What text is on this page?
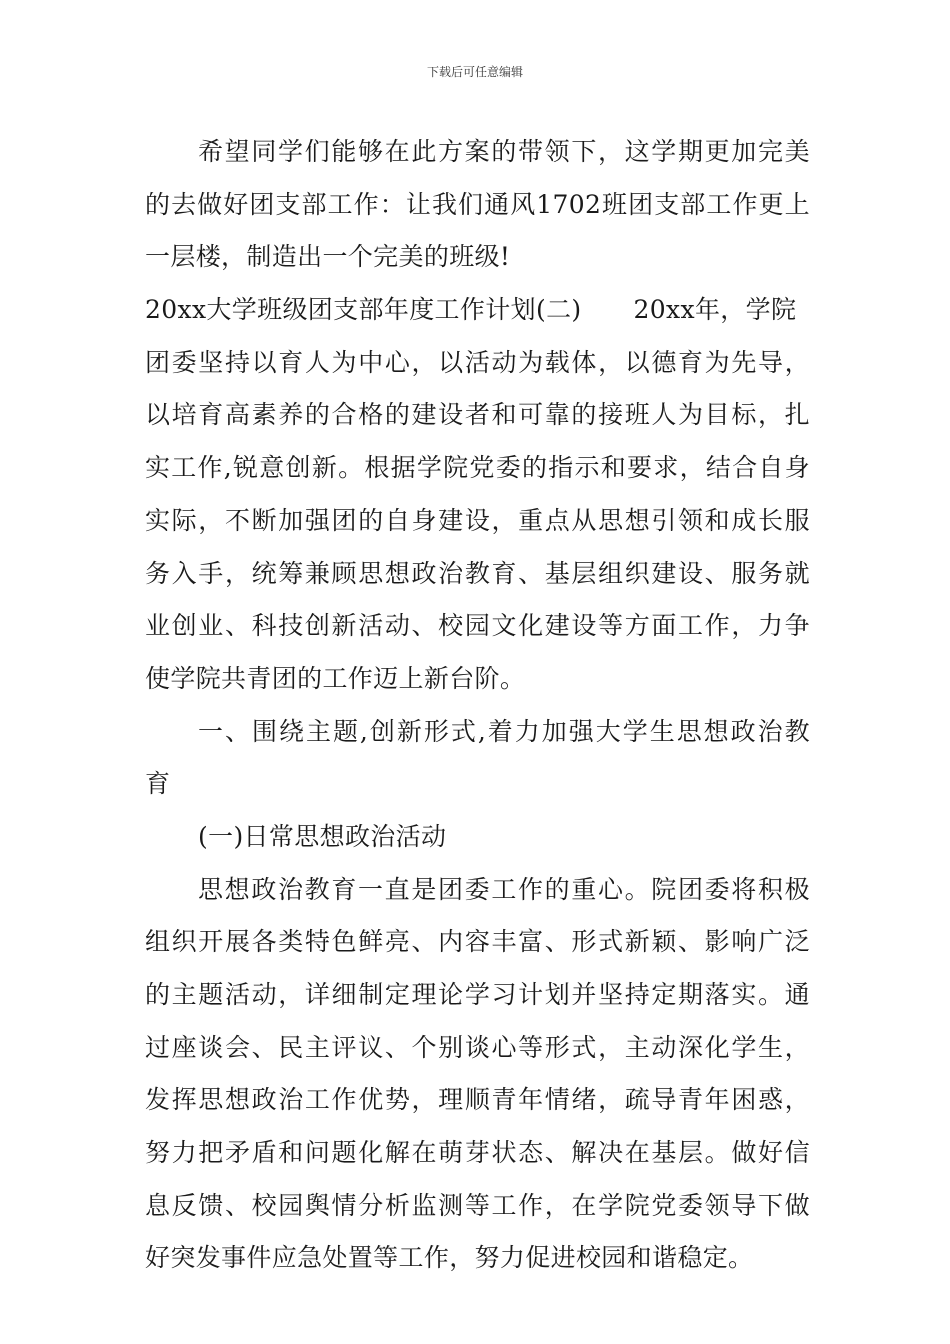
下载后可任意编辑
希望同学们能够在此方案的带领下，这学期更加完美
的去做好团支部工作：让我们通风1702班团支部工作更上
一层楼，制造出一个完美的班级!
20xx大学班级团支部年度工作计划(二) 20xx年，学院
团委坚持以育人为中心，以活动为载体，以德育为先导，
以培育高素养的合格的建设者和可靠的接班人为目标，扎
实工作,锐意创新。根据学院党委的指示和要求，结合自身
实际，不断加强团的自身建设，重点从思想引领和成长服
务入手，统筹兼顾思想政治教育、基层组织建设、服务就
业创业、科技创新活动、校园文化建设等方面工作，力争
使学院共青团的工作迈上新台阶。
一、围绕主题,创新形式,着力加强大学生思想政治教
育
(一)日常思想政治活动
思想政治教育一直是团委工作的重心。院团委将积极
组织开展各类特色鲜亮、内容丰富、形式新颖、影响广泛
的主题活动，详细制定理论学习计划并坚持定期落实。通
过座谈会、民主评议、个别谈心等形式，主动深化学生，
发挥思想政治工作优势，理顺青年情绪，疏导青年困惑，
努力把矛盾和问题化解在萌芽状态、解决在基层。做好信
息反馈、校园舆情分析监测等工作，在学院党委领导下做
好突发事件应急处置等工作，努力促进校园和谐稳定。
